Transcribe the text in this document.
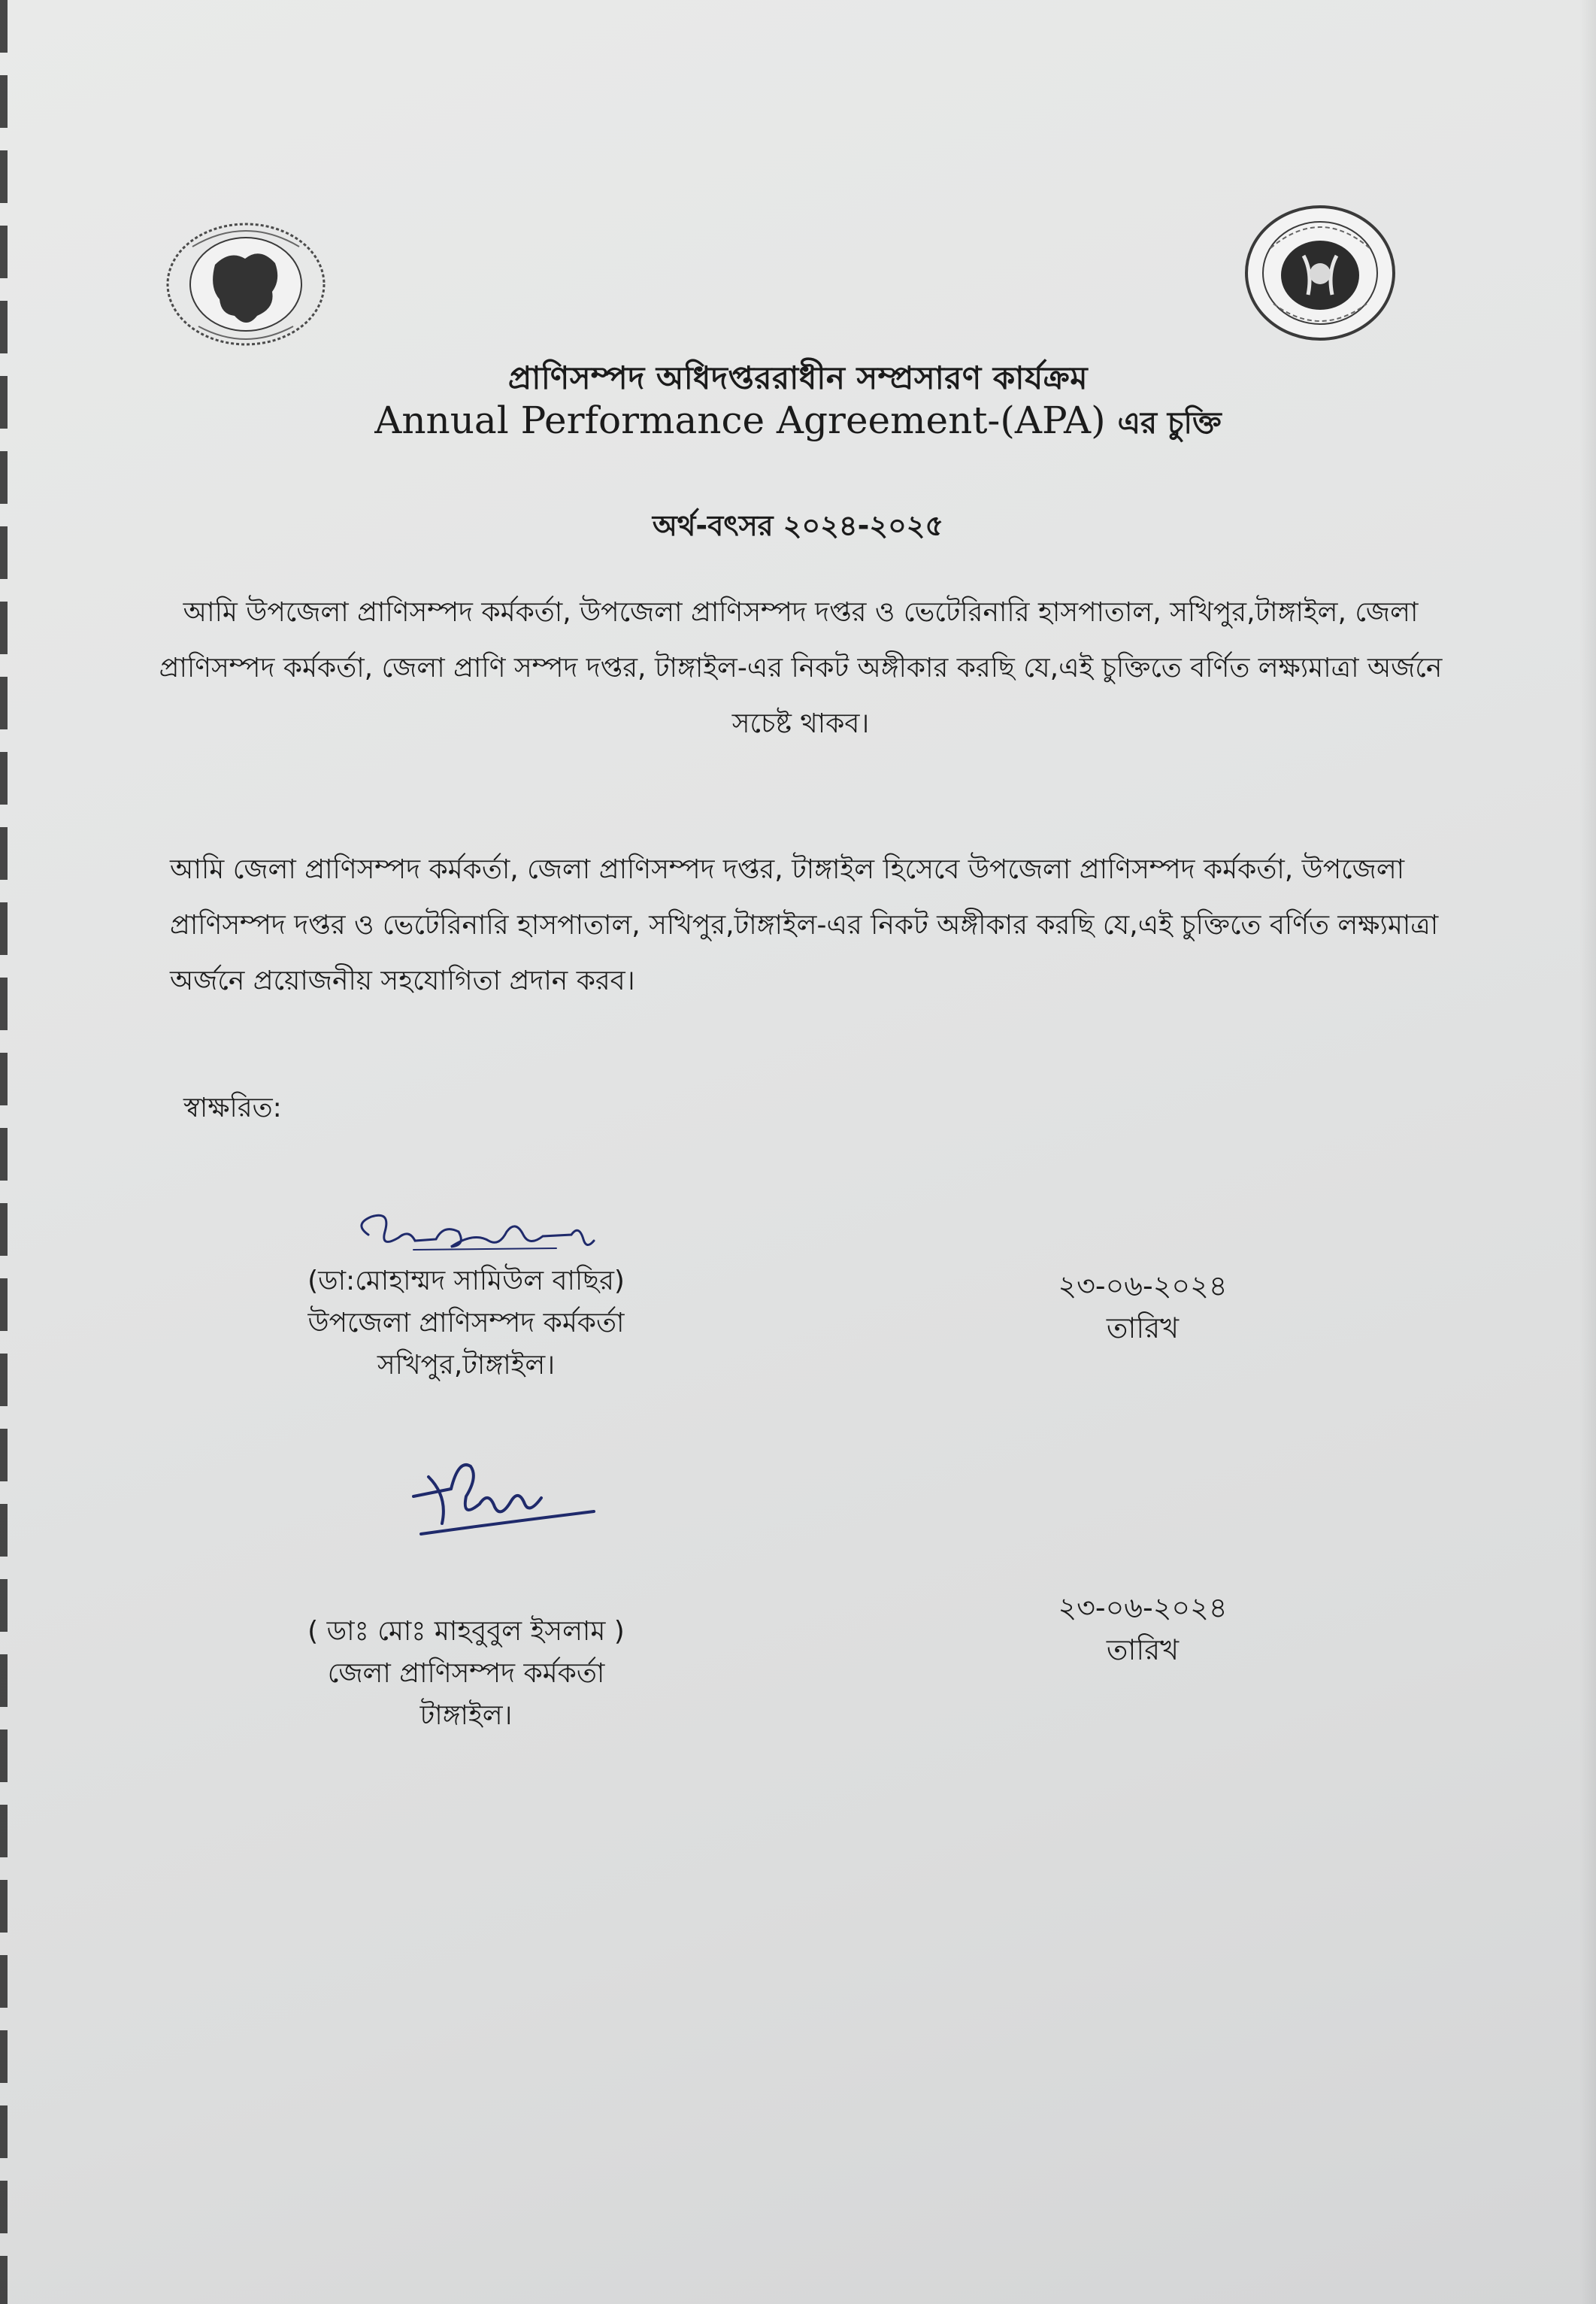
প্রাণিসম্পদ অধিদপ্তররাধীন সম্প্রসারণ কার্যক্রম
Annual Performance Agreement-(APA) এর চুক্তি
অর্থ-বৎসর ২০২৪-২০২৫
আমি উপজেলা প্রাণিসম্পদ কর্মকর্তা, উপজেলা প্রাণিসম্পদ দপ্তর ও ভেটেরিনারি হাসপাতাল, সখিপুর,টাঙ্গাইল, জেলা প্রাণিসম্পদ কর্মকর্তা, জেলা প্রাণি সম্পদ দপ্তর, টাঙ্গাইল-এর নিকট অঙ্গীকার করছি যে,এই চুক্তিতে বর্ণিত লক্ষ্যমাত্রা অর্জনে সচেষ্ট থাকব।
আমি জেলা প্রাণিসম্পদ কর্মকর্তা, জেলা প্রাণিসম্পদ দপ্তর, টাঙ্গাইল হিসেবে উপজেলা প্রাণিসম্পদ কর্মকর্তা, উপজেলা প্রাণিসম্পদ দপ্তর ও ভেটেরিনারি হাসপাতাল, সখিপুর,টাঙ্গাইল-এর নিকট অঙ্গীকার করছি যে,এই চুক্তিতে বর্ণিত লক্ষ্যমাত্রা অর্জনে প্রয়োজনীয় সহযোগিতা প্রদান করব।
স্বাক্ষরিত:
(ডা:মোহাম্মদ সামিউল বাছির)
উপজেলা প্রাণিসম্পদ কর্মকর্তা
সখিপুর,টাঙ্গাইল।
২৩-০৬-২০২৪
তারিখ
( ডাঃ মোঃ মাহবুবুল ইসলাম )
জেলা প্রাণিসম্পদ কর্মকর্তা
টাঙ্গাইল।
২৩-০৬-২০২৪
তারিখ
